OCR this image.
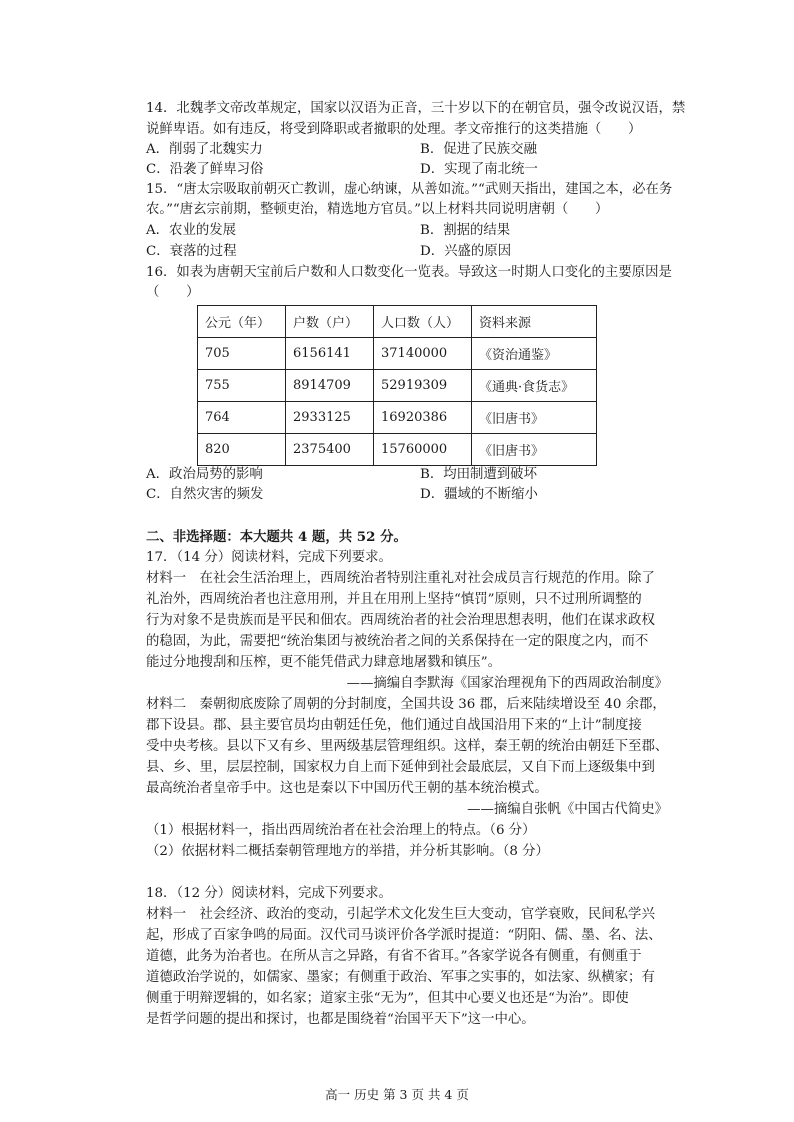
14．北魏孝文帝改革规定，国家以汉语为正音，三十岁以下的在朝官员，强令改说汉语，禁
说鲜卑语。如有违反，将受到降职或者撤职的处理。孝文帝推行的这类措施（　　）
A．削弱了北魏实力	B．促进了民族交融
C．沿袭了鲜卑习俗	D．实现了南北统一
15．“唐太宗吸取前朝灭亡教训，虚心纳谏，从善如流。”“武则天指出，建国之本，必在务
农。”“唐玄宗前期，整顿吏治，精选地方官员。”以上材料共同说明唐朝（　　）
A．农业的发展	B．割据的结果
C．衰落的过程	D．兴盛的原因
16．如表为唐朝天宝前后户数和人口数变化一览表。导致这一时期人口变化的主要原因是
（　　）
公元（年）	户数（户）	人口数（人）	资料来源
705	6156141	37140000	《资治通鉴》
755	8914709	52919309	《通典·食货志》
764	2933125	16920386	《旧唐书》
820	2375400	15760000	《旧唐书》
A．政治局势的影响	B．均田制遭到破坏
C．自然灾害的频发	D．疆域的不断缩小
二、非选择题：本大题共 4 题，共 52 分。
17．（14 分）阅读材料，完成下列要求。
材料一　在社会生活治理上，西周统治者特别注重礼对社会成员言行规范的作用。除了
礼治外，西周统治者也注意用刑，并且在用刑上坚持“慎罚”原则，只不过刑所调整的
行为对象不是贵族而是平民和佃农。西周统治者的社会治理思想表明，他们在谋求政权
的稳固，为此，需要把“统治集团与被统治者之间的关系保持在一定的限度之内，而不
能过分地搜刮和压榨，更不能凭借武力肆意地屠戮和镇压”。
——摘编自李默海《国家治理视角下的西周政治制度》
材料二　秦朝彻底废除了周朝的分封制度，全国共设 36 郡，后来陆续增设至 40 余郡，
郡下设县。郡、县主要官员均由朝廷任免，他们通过自战国沿用下来的“上计”制度接
受中央考核。县以下又有乡、里两级基层管理组织。这样，秦王朝的统治由朝廷下至郡、
县、乡、里，层层控制，国家权力自上而下延伸到社会最底层，又自下而上逐级集中到
最高统治者皇帝手中。这也是秦以下中国历代王朝的基本统治模式。
——摘编自张帆《中国古代简史》
（1）根据材料一，指出西周统治者在社会治理上的特点。（6 分）
（2）依据材料二概括秦朝管理地方的举措，并分析其影响。（8 分）
18．（12 分）阅读材料，完成下列要求。
材料一　社会经济、政治的变动，引起学术文化发生巨大变动，官学衰败，民间私学兴
起，形成了百家争鸣的局面。汉代司马谈评价各学派时提道：“阴阳、儒、墨、名、法、
道德，此务为治者也。在所从言之异路，有省不省耳。”各家学说各有侧重，有侧重于
道德政治学说的，如儒家、墨家；有侧重于政治、军事之实事的，如法家、纵横家；有
侧重于明辩逻辑的，如名家；道家主张“无为”，但其中心要义也还是“为治”。即使
是哲学问题的提出和探讨，也都是围绕着“治国平天下”这一中心。
高一 历史 第 3 页 共 4 页
